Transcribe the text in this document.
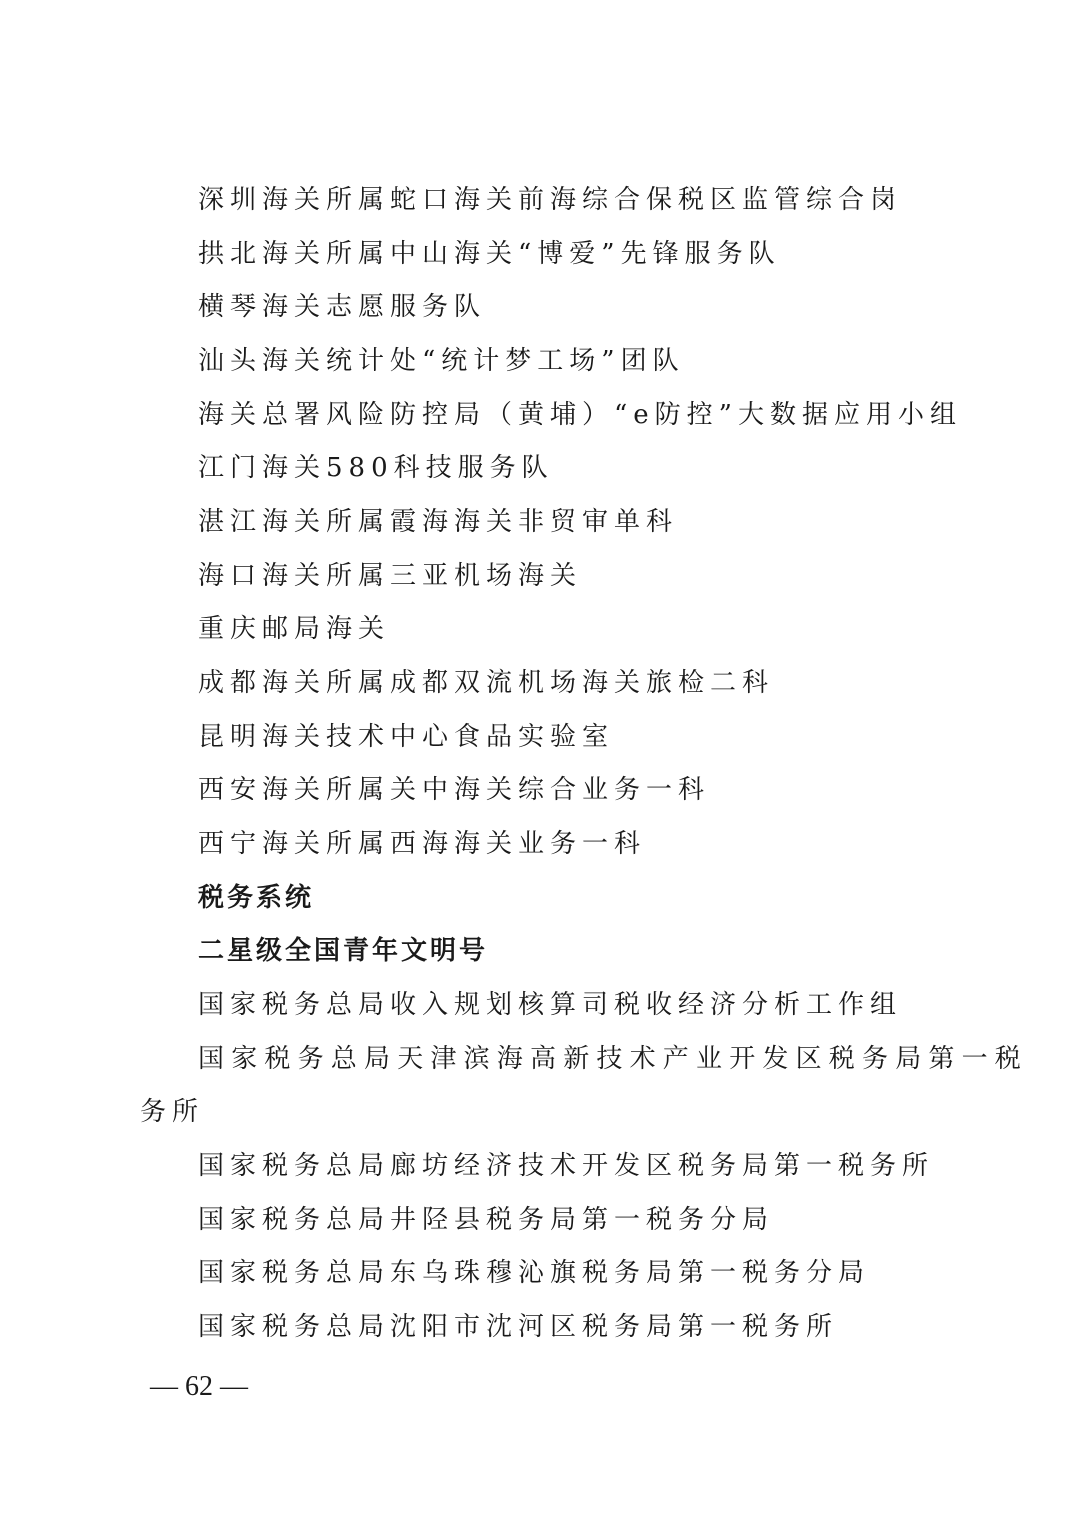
深圳海关所属蛇口海关前海综合保税区监管综合岗
拱北海关所属中山海关“博爱”先锋服务队
横琴海关志愿服务队
汕头海关统计处“统计梦工场”团队
海关总署风险防控局（黄埔）“e防控”大数据应用小组
江门海关580科技服务队
湛江海关所属霞海海关非贸审单科
海口海关所属三亚机场海关
重庆邮局海关
成都海关所属成都双流机场海关旅检二科
昆明海关技术中心食品实验室
西安海关所属关中海关综合业务一科
西宁海关所属西海海关业务一科
税务系统
二星级全国青年文明号
国家税务总局收入规划核算司税收经济分析工作组
国家税务总局天津滨海高新技术产业开发区税务局第一税
务所
国家税务总局廊坊经济技术开发区税务局第一税务所
国家税务总局井陉县税务局第一税务分局
国家税务总局东乌珠穆沁旗税务局第一税务分局
国家税务总局沈阳市沈河区税务局第一税务所
— 62 —
